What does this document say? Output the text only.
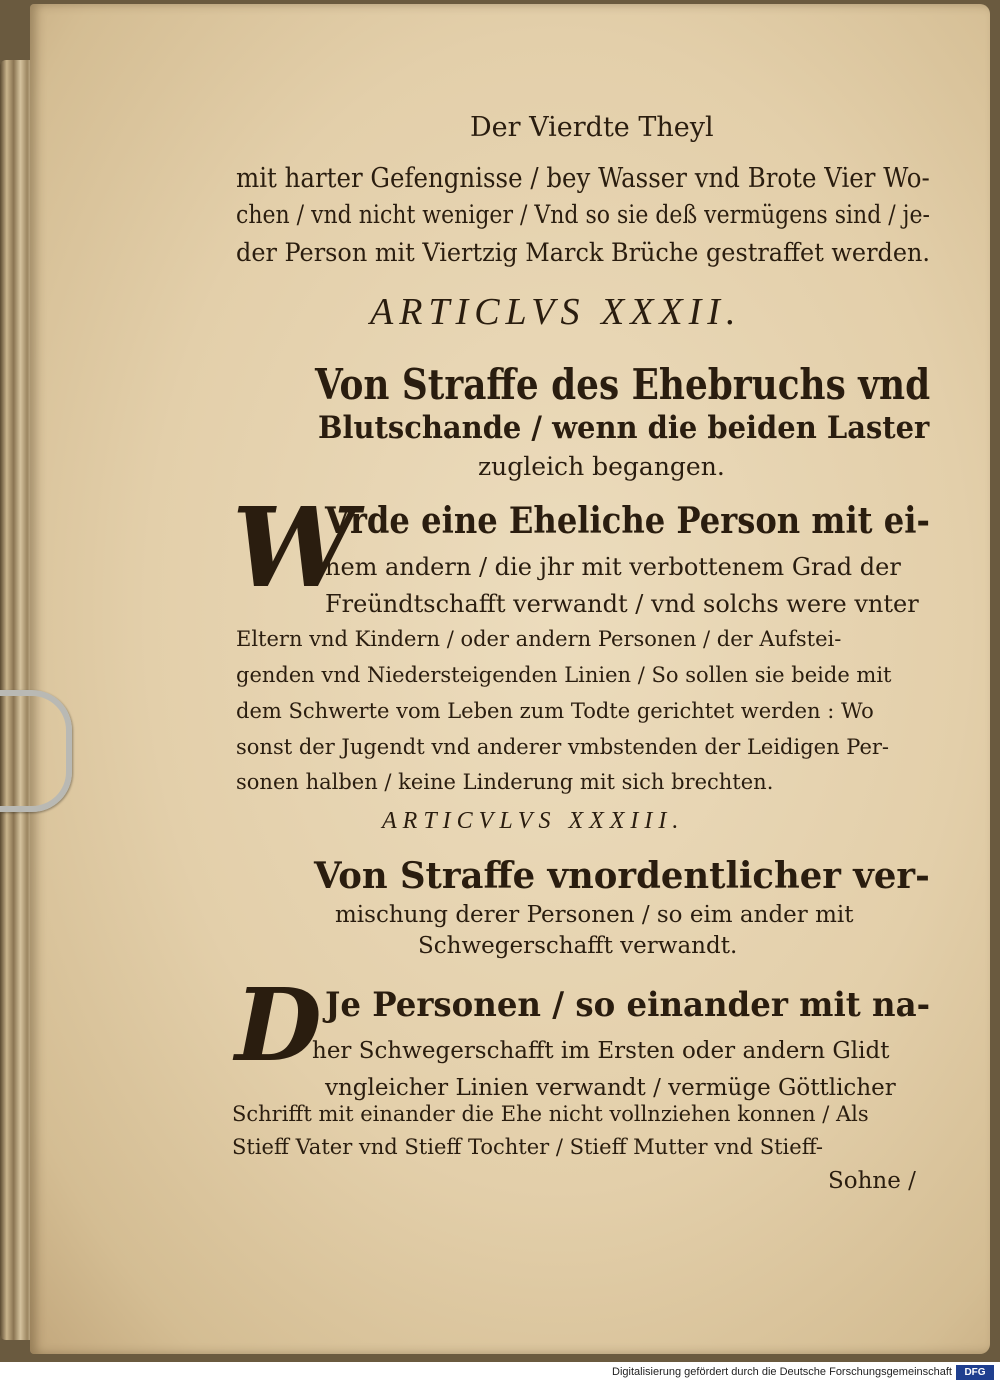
Der Vierdte Theyl
mit harter Gefengnisse / bey Wasser vnd Brote Vier Wo-
chen / vnd nicht weniger / Vnd so sie deß vermügens sind / je-
der Person mit Viertzig Marck Brüche gestraffet werden.
ARTICLVS XXXII.
Von Straffe des Ehebruchs vnd
Blutschande / wenn die beiden Laster
zugleich begangen.
W
Vrde eine Eheliche Person mit ei-
nem andern / die jhr mit verbottenem Grad der
Freündtschafft verwandt / vnd solchs were vnter
Eltern vnd Kindern / oder andern Personen / der Aufstei-
genden vnd Niedersteigenden Linien / So sollen sie beide mit
dem Schwerte vom Leben zum Todte gerichtet werden : Wo
sonst der Jugendt vnd anderer vmbstenden der Leidigen Per-
sonen halben / keine Linderung mit sich brechten.
ARTICVLVS XXXIII.
Von Straffe vnordentlicher ver-
mischung derer Personen / so eim ander mit
Schwegerschafft verwandt.
D Je Personen / so einander mit na-
her Schwegerschafft im Ersten oder andern Glidt
vngleicher Linien verwandt / vermüge Göttlicher
Schrifft mit einander die Ehe nicht vollnziehen konnen / Als
Stieff Vater vnd Stieff Tochter / Stieff Mutter vnd Stieff-
Sohne /
Digitalisierung gefördert durch die Deutsche Forschungsgemeinschaft	DFG
